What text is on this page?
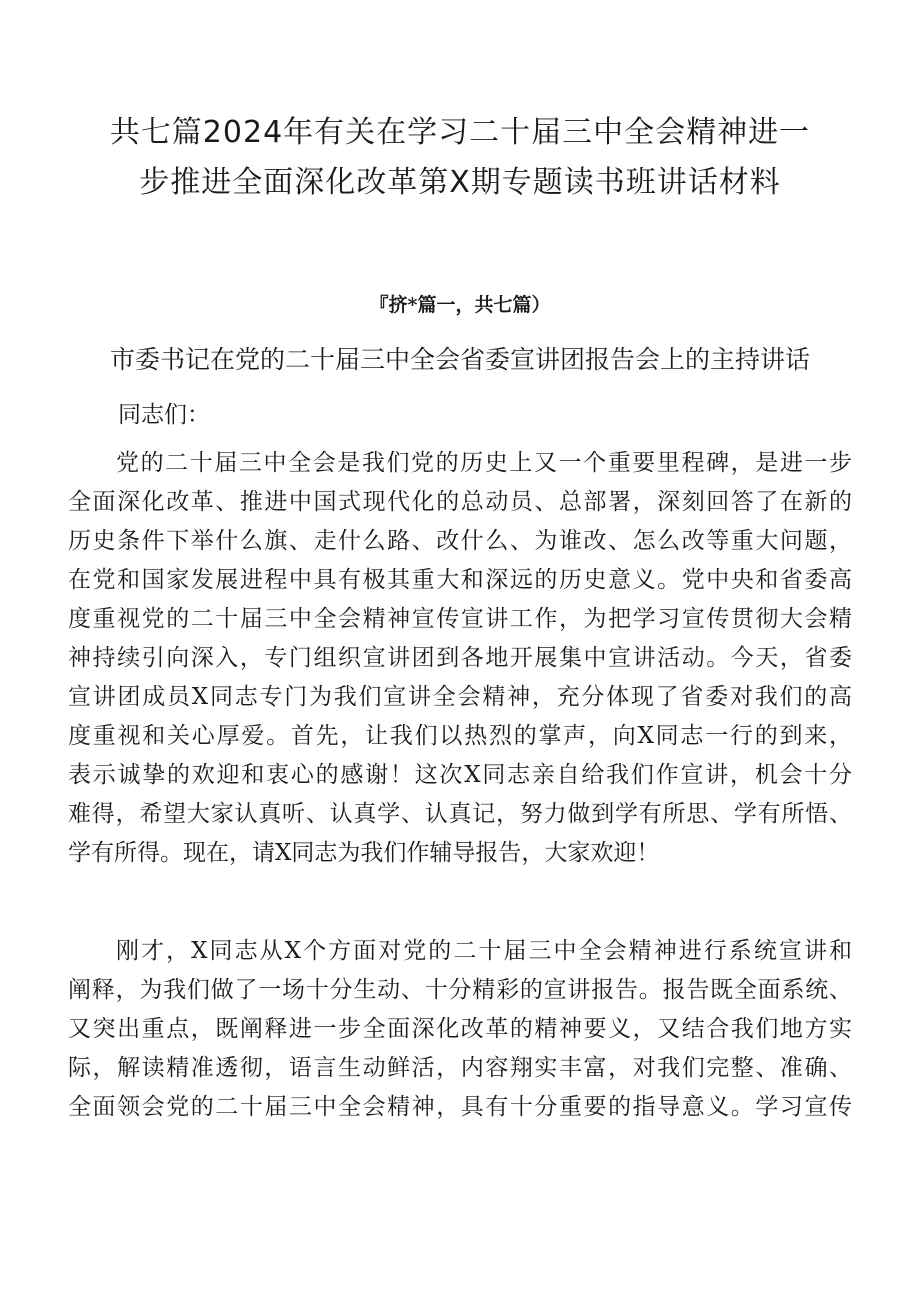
共七篇2024年有关在学习二十届三中全会精神进一
步推进全面深化改革第X期专题读书班讲话材料

『挤*篇一，共七篇）

市委书记在党的二十届三中全会省委宣讲团报告会上的主持讲话
同志们：
党的二十届三中全会是我们党的历史上又一个重要里程碑，是进一步
全面深化改革、推进中国式现代化的总动员、总部署，深刻回答了在新的
历史条件下举什么旗、走什么路、改什么、为谁改、怎么改等重大问题，
在党和国家发展进程中具有极其重大和深远的历史意义。党中央和省委高
度重视党的二十届三中全会精神宣传宣讲工作，为把学习宣传贯彻大会精
神持续引向深入，专门组织宣讲团到各地开展集中宣讲活动。今天，省委
宣讲团成员X同志专门为我们宣讲全会精神，充分体现了省委对我们的高
度重视和关心厚爱。首先，让我们以热烈的掌声，向X同志一行的到来，
表示诚挚的欢迎和衷心的感谢！这次X同志亲自给我们作宣讲，机会十分
难得，希望大家认真听、认真学、认真记，努力做到学有所思、学有所悟、
学有所得。现在，请X同志为我们作辅导报告，大家欢迎！
刚才，X同志从X个方面对党的二十届三中全会精神进行系统宣讲和
阐释，为我们做了一场十分生动、十分精彩的宣讲报告。报告既全面系统、
又突出重点，既阐释进一步全面深化改革的精神要义，又结合我们地方实
际，解读精准透彻，语言生动鲜活，内容翔实丰富，对我们完整、准确、
全面领会党的二十届三中全会精神，具有十分重要的指导意义。学习宣传
